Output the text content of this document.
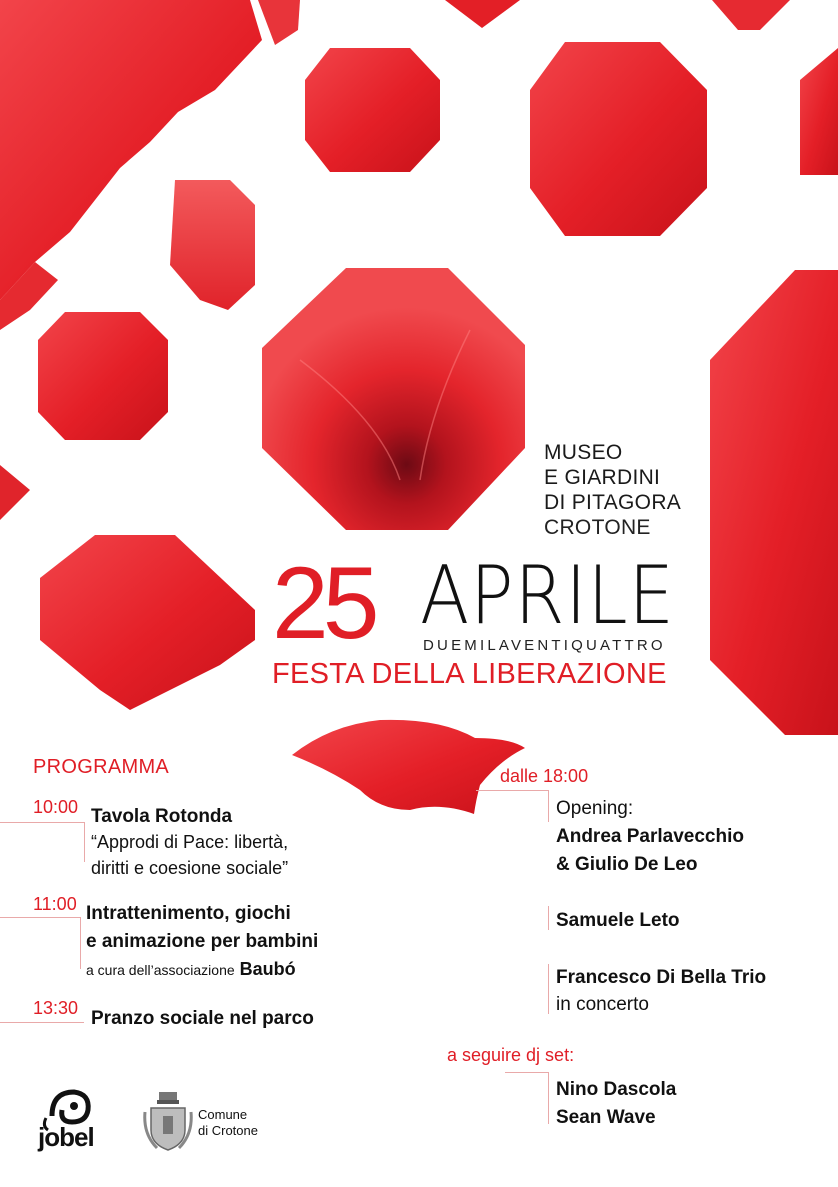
MUSEO
E GIARDINI
DI PITAGORA
CROTONE
25 APRILE
DUEMILAVENTIQUATTRO
FESTA DELLA LIBERAZIONE
PROGRAMMA
10:00 Tavola Rotonda
“Approdi di Pace: libertà,
diritti e coesione sociale”
11:00 Intrattenimento, giochi
e animazione per bambini
a cura dell’associazione Baubó
13:30 Pranzo sociale nel parco
dalle 18:00
Opening:
Andrea Parlavecchio
& Giulio De Leo
Samuele Leto
Francesco Di Bella Trio
in concerto
a seguire dj set:
Nino Dascola
Sean Wave
jobel
Comune
di Crotone
